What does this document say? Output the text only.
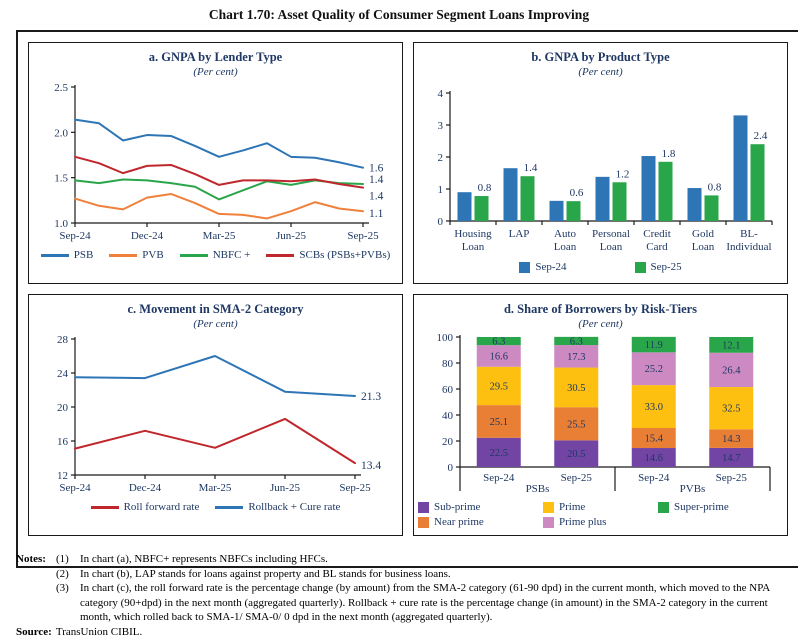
Chart 1.70: Asset Quality of Consumer Segment Loans Improving
a. GNPA by Lender Type
(Per cent)
1.0
1.5
2.0
2.5
Sep-24	Dec-24	Mar-25	Jun-25	Sep-25
1.6
1.1
1.4
1.4
PSB	PVB	NBFC +	SCBs (PSBs+PVBs)
b. GNPA by Product Type
(Per cent)
0
1
2
3
4
Housing
Loan
LAP Auto
Loan
Personal
Loan
Credit
Card
Gold
Loan
BL-
Individual
0.8
1.4
0.6
1.2
1.8
0.8
2.4
Sep-24	Sep-25
c. Movement in SMA-2 Category
(Per cent)
12
16
20
24
28
Sep-24	Dec-24	Mar-25	Jun-25	Sep-25
13.4
21.3
Roll forward rate	Rollback + Cure rate
d. Share of Borrowers by Risk-Tiers
(Per cent)
0
20
40
60
80
100
22.5
25.1
29.5
16.6
6.3
Sep-24
20.5
25.5
30.5
17.3
6.3
Sep-25
14.6
15.4
33.0
25.2
11.9
Sep-24
14.7
14.3
32.5
26.4
12.1
Sep-25
PSBs	PVBs
Sub-prime	Prime	Super-prime
Near prime	Prime plus
Notes: (1)	In chart (a), NBFC+ represents NBFCs including HFCs.
(2)	In chart (b), LAP stands for loans against property and BL stands for business loans.
(3)	In chart (c), the roll forward rate is the percentage change (by amount) from the SMA-2 category (61-90 dpd) in the current month, which moved to the NPA category (90+dpd) in the next month (aggregated quarterly). Rollback + cure rate is the percentage change (in amount) in the SMA-2 category in the current month, which rolled back to SMA-1/ SMA-0/ 0 dpd in the next month (aggregated quarterly).
Source: TransUnion CIBIL.
